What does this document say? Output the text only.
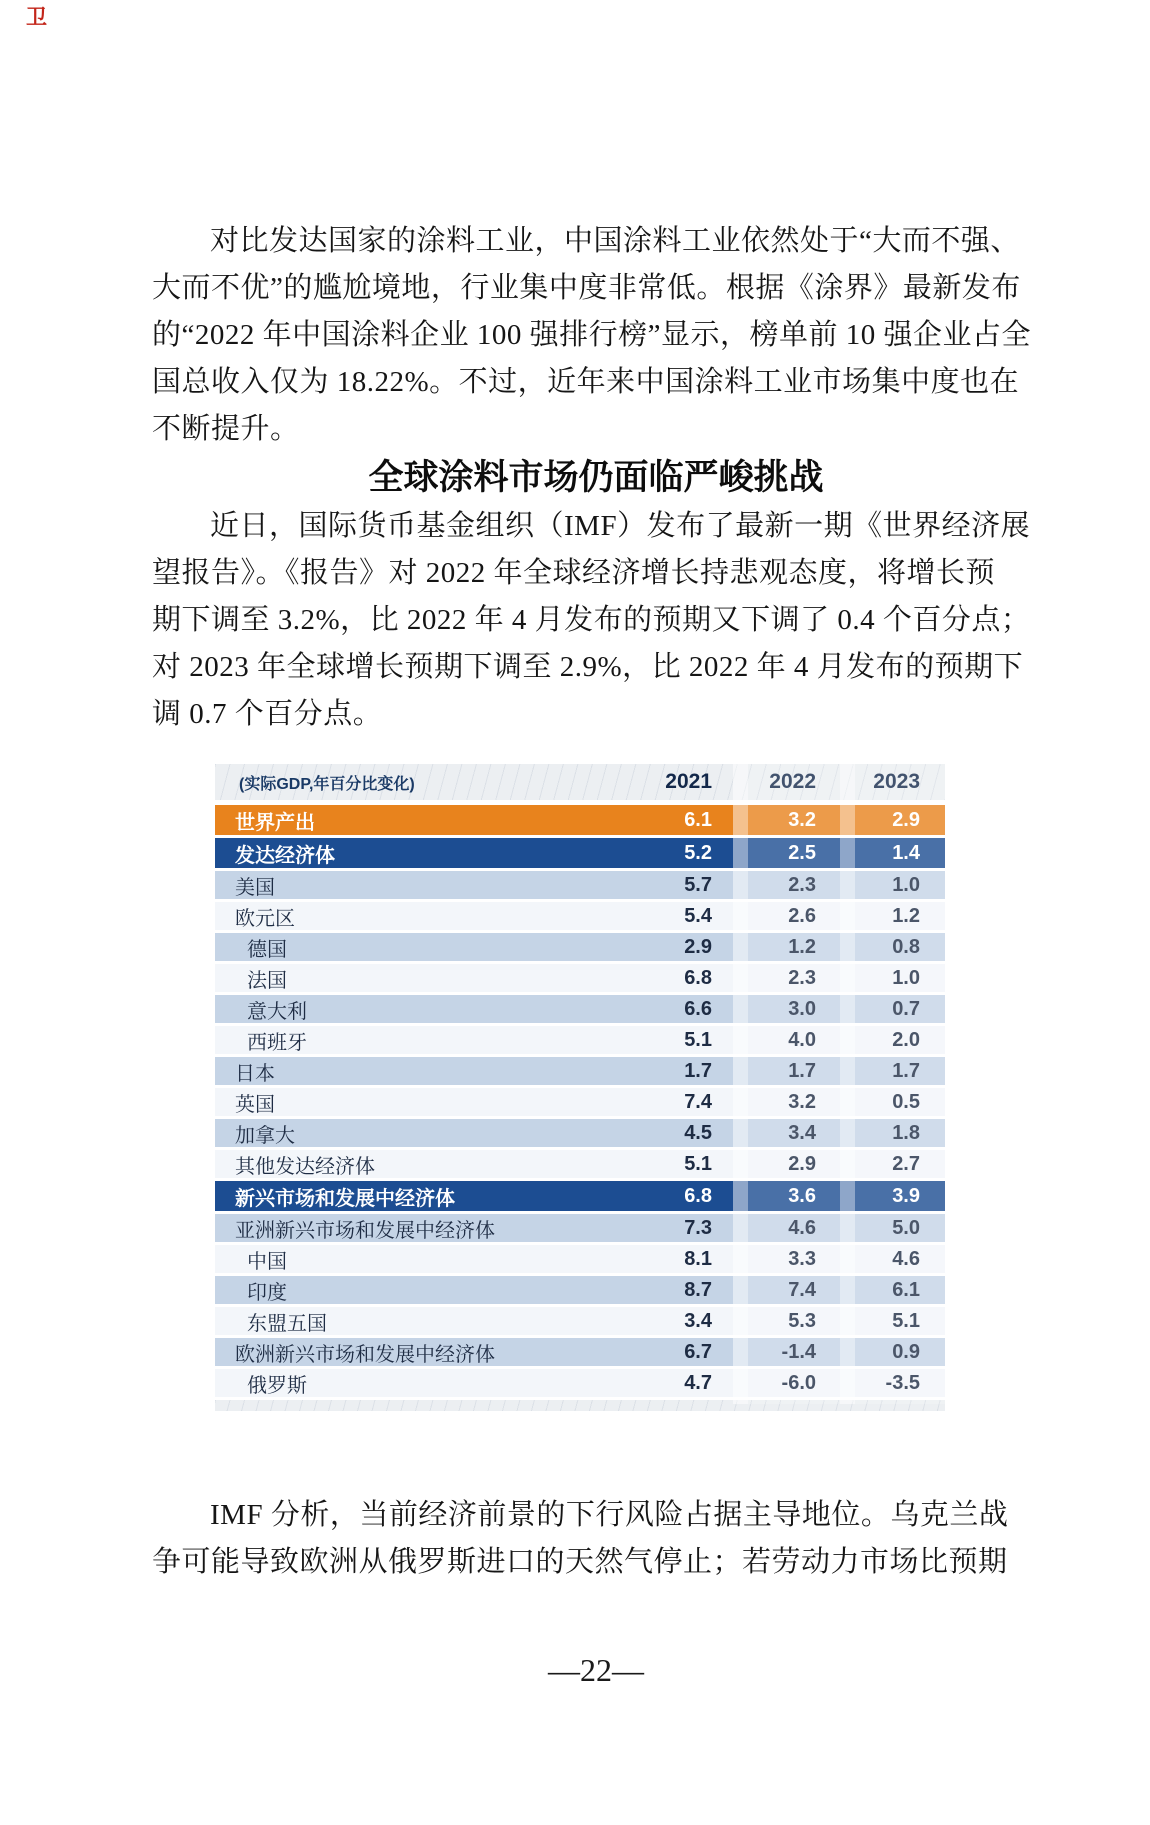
卫
对比发达国家的涂料工业，中国涂料工业依然处于“大而不强、
大而不优”的尴尬境地，行业集中度非常低。根据《涂界》最新发布
的“2022 年中国涂料企业 100 强排行榜”显示，榜单前 10 强企业占全
国总收入仅为 18.22%。不过，近年来中国涂料工业市场集中度也在
不断提升。
全球涂料市场仍面临严峻挑战
近日，国际货币基金组织（IMF）发布了最新一期《世界经济展
望报告》。《报告》对 2022 年全球经济增长持悲观态度，将增长预
期下调至 3.2%，比 2022 年 4 月发布的预期又下调了 0.4 个百分点；
对 2023 年全球增长预期下调至 2.9%，比 2022 年 4 月发布的预期下
调 0.7 个百分点。
(实际GDP,年百分比变化)	2021	2022	2023
世界产出	6.1	3.2	2.9
发达经济体	5.2	2.5	1.4
美国	5.7	2.3	1.0
欧元区	5.4	2.6	1.2
德国	2.9	1.2	0.8
法国	6.8	2.3	1.0
意大利	6.6	3.0	0.7
西班牙	5.1	4.0	2.0
日本	1.7	1.7	1.7
英国	7.4	3.2	0.5
加拿大	4.5	3.4	1.8
其他发达经济体	5.1	2.9	2.7
新兴市场和发展中经济体	6.8	3.6	3.9
亚洲新兴市场和发展中经济体	7.3	4.6	5.0
中国	8.1	3.3	4.6
印度	8.7	7.4	6.1
东盟五国	3.4	5.3	5.1
欧洲新兴市场和发展中经济体	6.7	-1.4	0.9
俄罗斯	4.7	-6.0	-3.5
IMF 分析，当前经济前景的下行风险占据主导地位。乌克兰战
争可能导致欧洲从俄罗斯进口的天然气停止；若劳动力市场比预期
—22—
